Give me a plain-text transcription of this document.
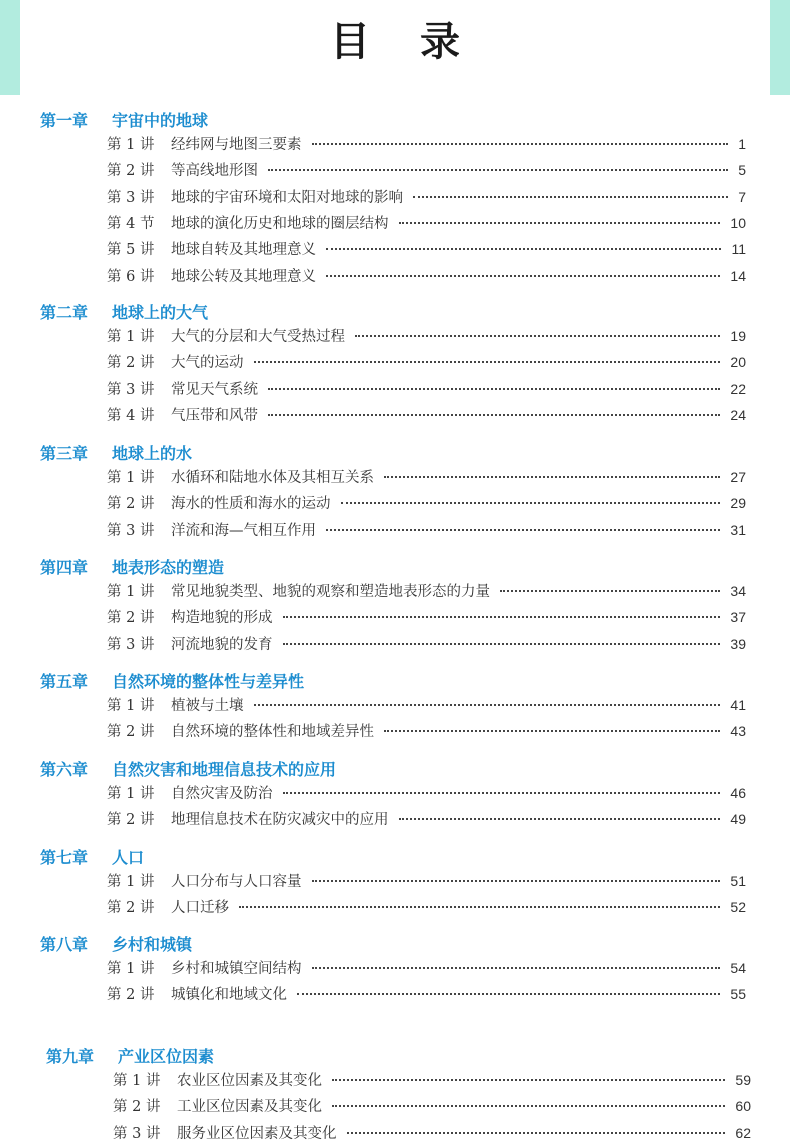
目 录
第一章 宇宙中的地球
第 1 讲	经纬网与地图三要素	1
第 2 讲	等高线地形图	5
第 3 讲	地球的宇宙环境和太阳对地球的影响	7
第 4 节	地球的演化历史和地球的圈层结构	10
第 5 讲	地球自转及其地理意义	11
第 6 讲	地球公转及其地理意义	14
第二章 地球上的大气
第 1 讲	大气的分层和大气受热过程	19
第 2 讲	大气的运动	20
第 3 讲	常见天气系统	22
第 4 讲	气压带和风带	24
第三章 地球上的水
第 1 讲	水循环和陆地水体及其相互关系	27
第 2 讲	海水的性质和海水的运动	29
第 3 讲	洋流和海—气相互作用	31
第四章 地表形态的塑造
第 1 讲	常见地貌类型、地貌的观察和塑造地表形态的力量	34
第 2 讲	构造地貌的形成	37
第 3 讲	河流地貌的发育	39
第五章 自然环境的整体性与差异性
第 1 讲	植被与土壤	41
第 2 讲	自然环境的整体性和地域差异性	43
第六章 自然灾害和地理信息技术的应用
第 1 讲	自然灾害及防治	46
第 2 讲	地理信息技术在防灾减灾中的应用	49
第七章 人口
第 1 讲	人口分布与人口容量	51
第 2 讲	人口迁移	52
第八章 乡村和城镇
第 1 讲	乡村和城镇空间结构	54
第 2 讲	城镇化和地域文化	55
第九章 产业区位因素
第 1 讲	农业区位因素及其变化	59
第 2 讲	工业区位因素及其变化	60
第 3 讲	服务业区位因素及其变化	62
